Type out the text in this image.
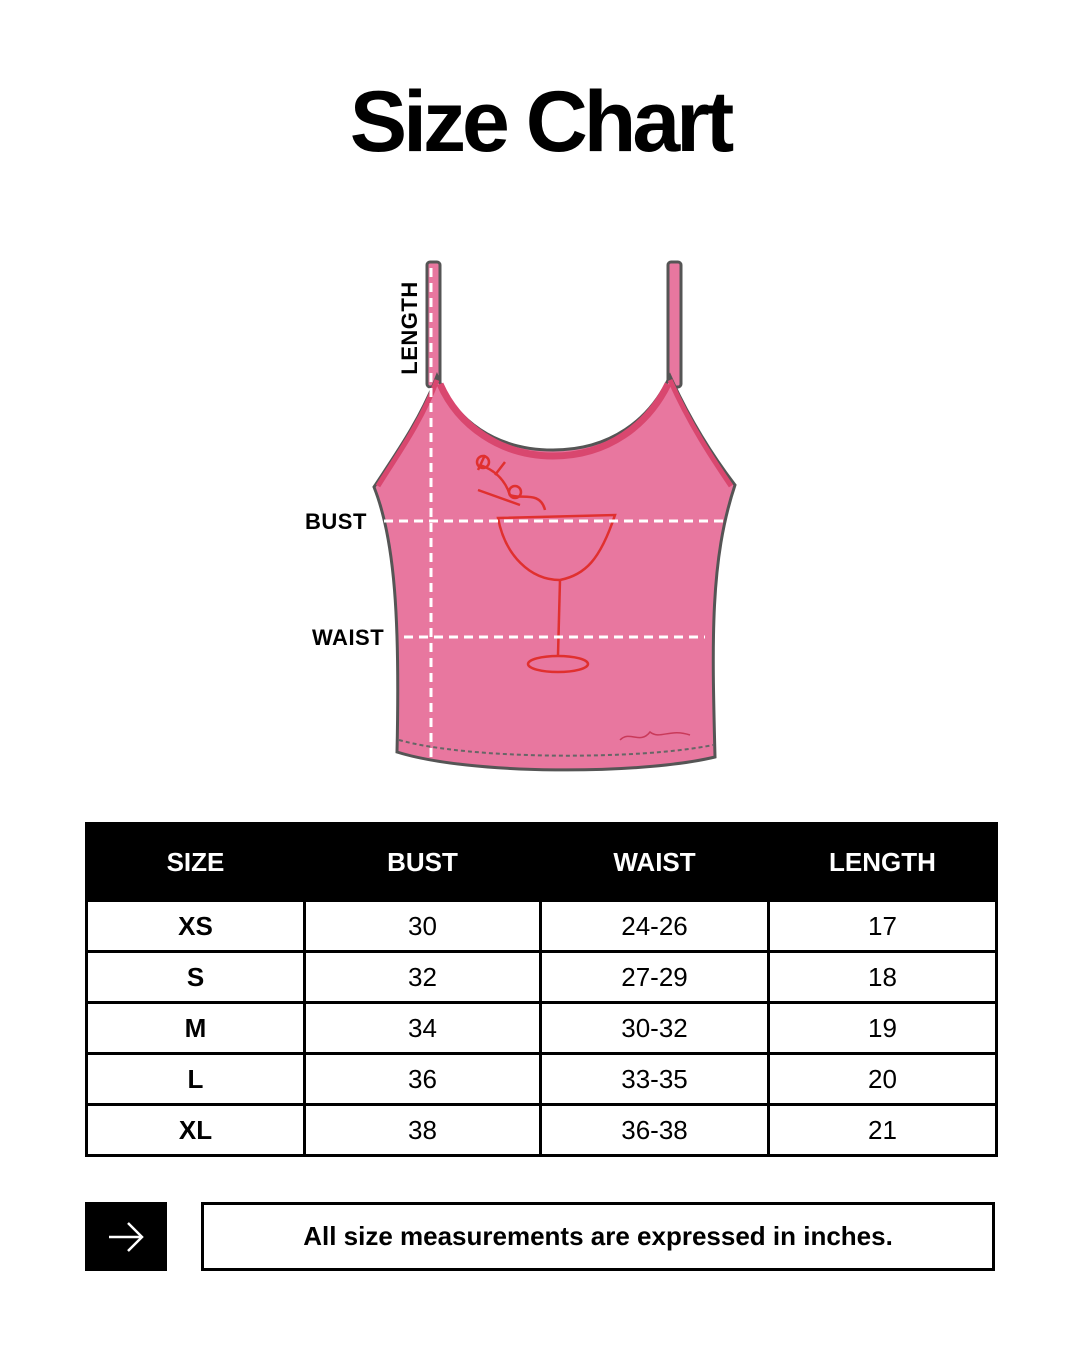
Size Chart
LENGTH
BUST
WAIST
SIZE	BUST	WAIST	LENGTH
XS	30	24-26	17
S	32	27-29	18
M	34	30-32	19
L	36	33-35	20
XL	38	36-38	21
All size measurements are expressed in inches.
